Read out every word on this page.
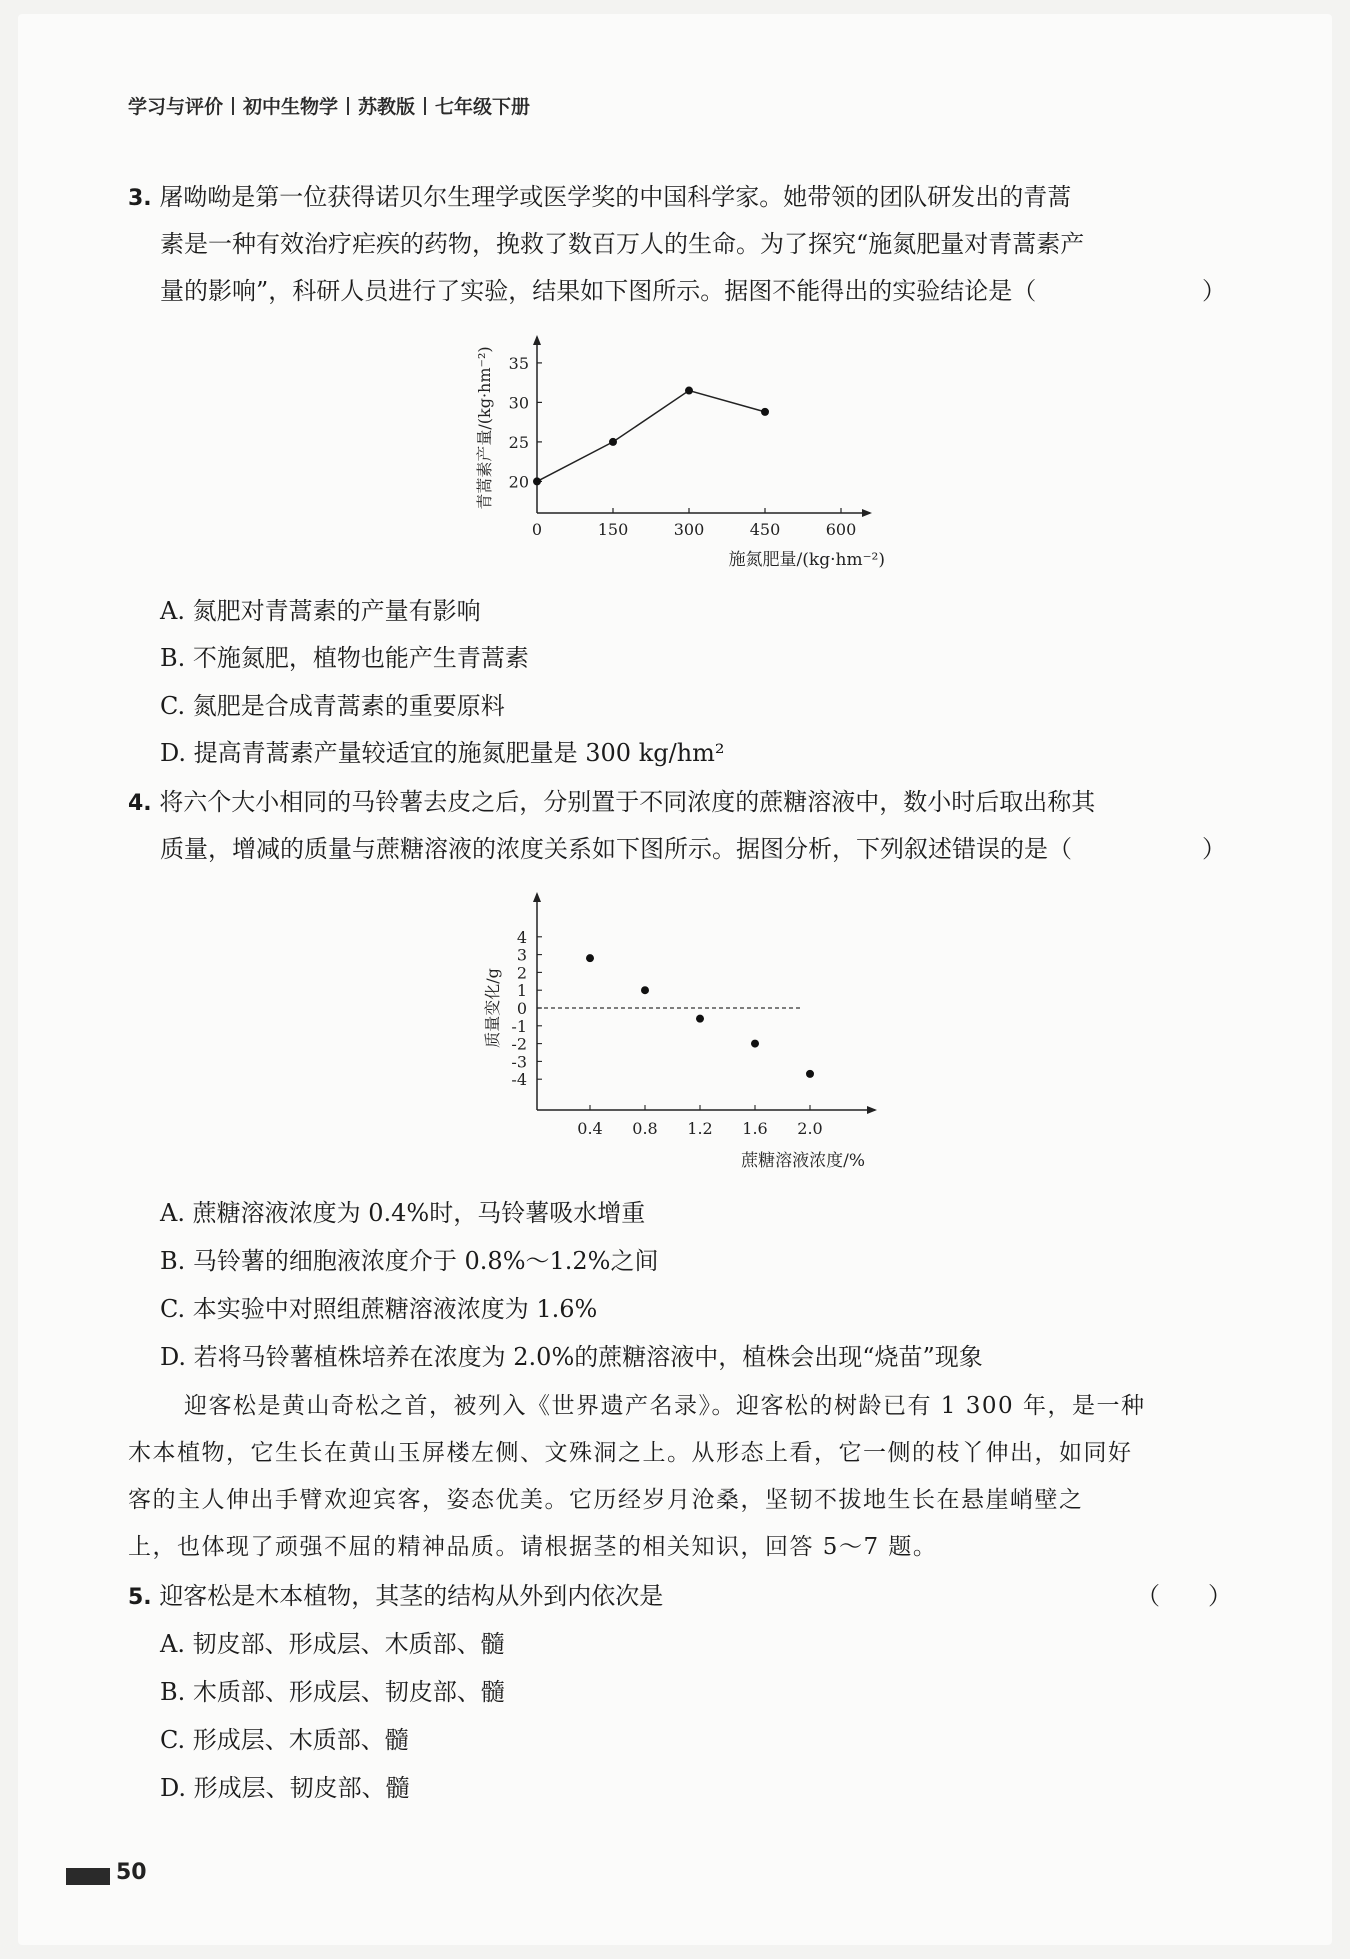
学习与评价 初中生物学 苏教版 七年级下册
3. 屠呦呦是第一位获得诺贝尔生理学或医学奖的中国科学家。她带领的团队研发出的青蒿
素是一种有效治疗疟疾的药物，挽救了数百万人的生命。为了探究“施氮肥量对青蒿素产
量的影响”，科研人员进行了实验，结果如下图所示。据图不能得出的实验结论是（	）
0	150	300	450	600
20
25
30
35
施氮肥量/(kg·hm⁻²)
青蒿素产量/(kg·hm⁻²)
A. 氮肥对青蒿素的产量有影响
B. 不施氮肥，植物也能产生青蒿素
C. 氮肥是合成青蒿素的重要原料
D. 提高青蒿素产量较适宜的施氮肥量是 300 kg/hm²
4. 将六个大小相同的马铃薯去皮之后，分别置于不同浓度的蔗糖溶液中，数小时后取出称其
质量，增减的质量与蔗糖溶液的浓度关系如下图所示。据图分析，下列叙述错误的是（	）
4
3
2
1
0
-1
-2
-3
-4
0.4 0.8 1.2 1.6 2.0
蔗糖溶液浓度/%
质量变化/g
A. 蔗糖溶液浓度为 0.4%时，马铃薯吸水增重
B. 马铃薯的细胞液浓度介于 0.8%～1.2%之间
C. 本实验中对照组蔗糖溶液浓度为 1.6%
D. 若将马铃薯植株培养在浓度为 2.0%的蔗糖溶液中，植株会出现“烧苗”现象
迎客松是黄山奇松之首，被列入《世界遗产名录》。迎客松的树龄已有 1 300 年，是一种
木本植物，它生长在黄山玉屏楼左侧、文殊洞之上。从形态上看，它一侧的枝丫伸出，如同好
客的主人伸出手臂欢迎宾客，姿态优美。它历经岁月沧桑，坚韧不拔地生长在悬崖峭壁之
上，也体现了顽强不屈的精神品质。请根据茎的相关知识，回答 5～7 题。
5. 迎客松是木本植物，其茎的结构从外到内依次是	（　　）
A. 韧皮部、形成层、木质部、髓
B. 木质部、形成层、韧皮部、髓
C. 形成层、木质部、髓
D. 形成层、韧皮部、髓
50
